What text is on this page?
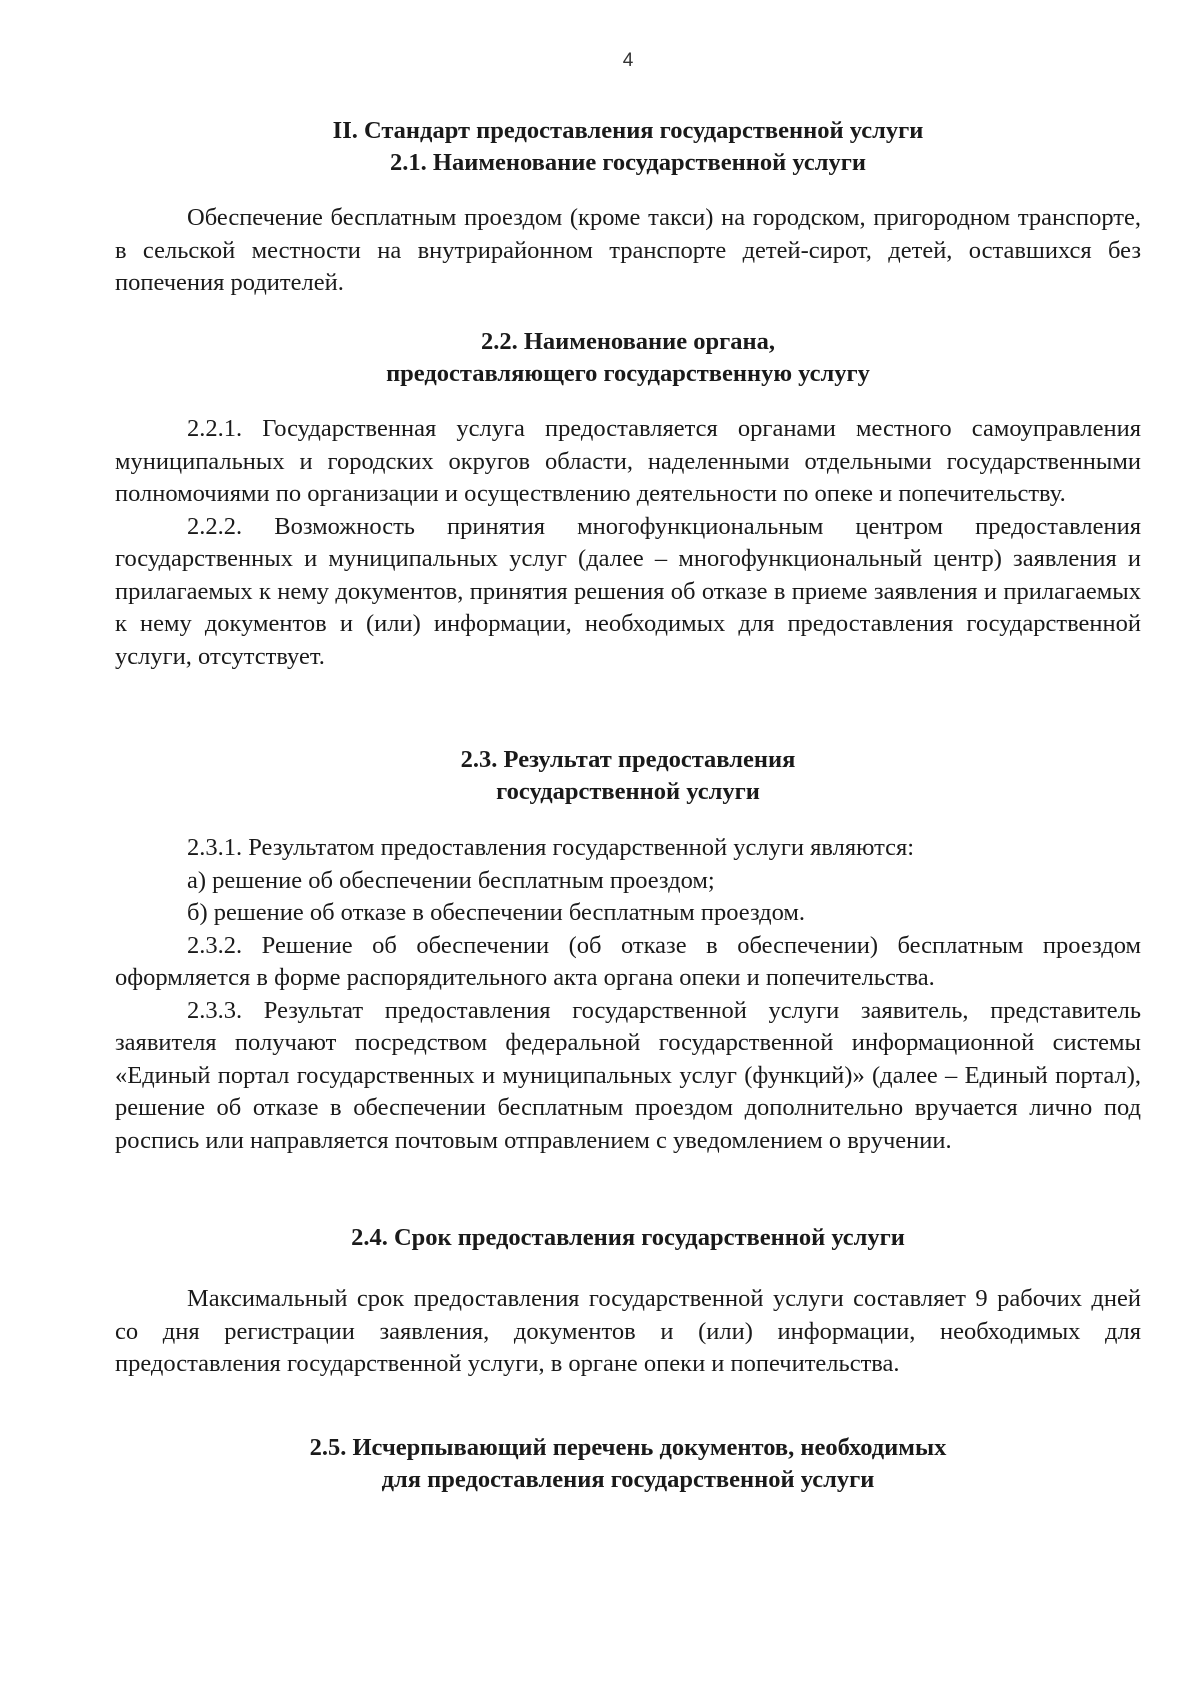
4
II. Стандарт предоставления государственной услуги
2.1. Наименование государственной услуги

Обеспечение бесплатным проездом (кроме такси) на городском, пригородном транспорте, в сельской местности на внутрирайонном транспорте детей-сирот, детей, оставшихся без попечения родителей.

2.2. Наименование органа,
предоставляющего государственную услугу

2.2.1. Государственная услуга предоставляется органами местного самоуправления муниципальных и городских округов области, наделенными отдельными государственными полномочиями по организации и осуществлению деятельности по опеке и попечительству.

2.2.2. Возможность принятия многофункциональным центром предоставления государственных и муниципальных услуг (далее – многофункциональный центр) заявления и прилагаемых к нему документов, принятия решения об отказе в приеме заявления и прилагаемых к нему документов и (или) информации, необходимых для предоставления государственной услуги, отсутствует.

2.3. Результат предоставления
государственной услуги

2.3.1. Результатом предоставления государственной услуги являются:

а) решение об обеспечении бесплатным проездом;

б) решение об отказе в обеспечении бесплатным проездом.

2.3.2. Решение об обеспечении (об отказе в обеспечении) бесплатным проездом оформляется в форме распорядительного акта органа опеки и попечительства.

2.3.3. Результат предоставления государственной услуги заявитель, представитель заявителя получают посредством федеральной государственной информационной системы «Единый портал государственных и муниципальных услуг (функций)» (далее – Единый портал), решение об отказе в обеспечении бесплатным проездом дополнительно вручается лично под роспись или направляется почтовым отправлением с уведомлением о вручении.

2.4. Срок предоставления государственной услуги

Максимальный срок предоставления государственной услуги составляет 9 рабочих дней со дня регистрации заявления, документов и (или) информации, необходимых для предоставления государственной услуги, в органе опеки и попечительства.

2.5. Исчерпывающий перечень документов, необходимых
для предоставления государственной услуги
